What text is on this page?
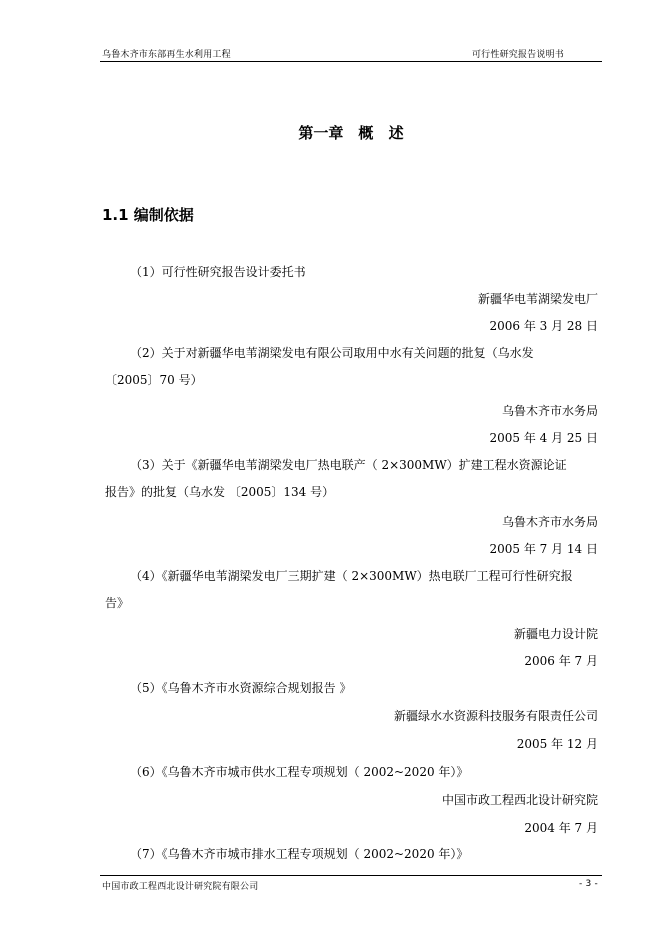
乌鲁木齐市东部再生水利用工程	可行性研究报告说明书
第一章　概 述
1.1 编制依据
（1）可行性研究报告设计委托书
新疆华电苇湖梁发电厂
2006 年 3 月 28 日
（2）关于对新疆华电苇湖梁发电有限公司取用中水有关问题的批复（乌水发
〔2005〕70 号）
乌鲁木齐市水务局
2005 年 4 月 25 日
（3）关于《新疆华电苇湖梁发电厂热电联产（ 2×300MW）扩建工程水资源论证
报告》的批复（乌水发 〔2005〕134 号）
乌鲁木齐市水务局
2005 年 7 月 14 日
（4）《新疆华电苇湖梁发电厂三期扩建（ 2×300MW）热电联厂工程可行性研究报
告》
新疆电力设计院
2006 年 7 月
（5）《乌鲁木齐市水资源综合规划报告 》
新疆绿水水资源科技服务有限责任公司
2005 年 12 月
（6）《乌鲁木齐市城市供水工程专项规划（ 2002~2020 年）》
中国市政工程西北设计研究院
2004 年 7 月
（7）《乌鲁木齐市城市排水工程专项规划（ 2002~2020 年）》
中国市政工程西北设计研究院有限公司	- 3 -
